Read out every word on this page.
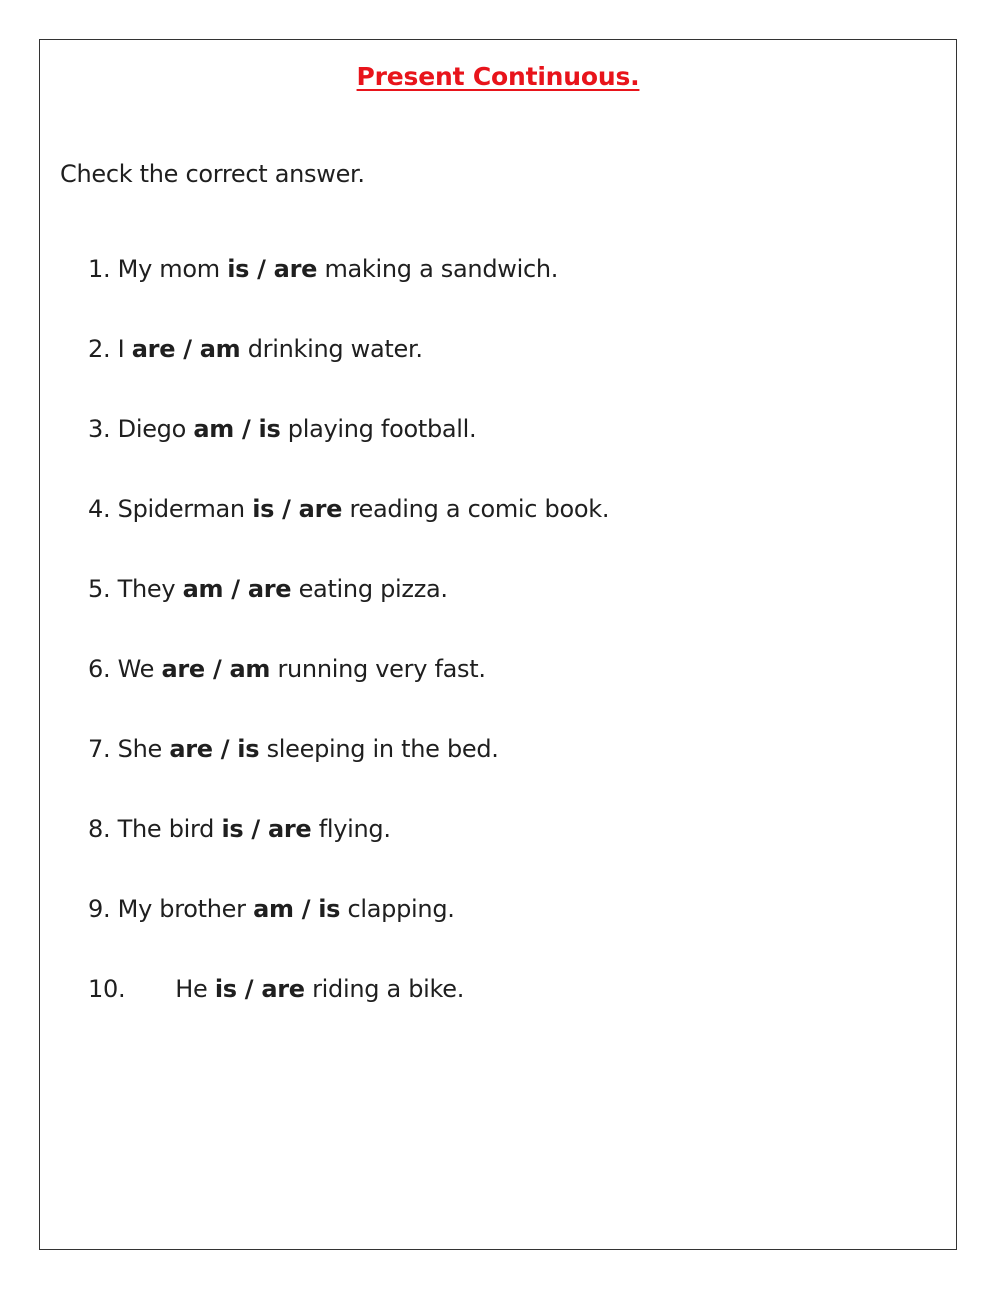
Present Continuous.
Check the correct answer.
1. My mom is / are making a sandwich.
2. I are / am drinking water.
3. Diego am / is playing football.
4. Spiderman is / are reading a comic book.
5. They am / are eating pizza.
6. We are / am running very fast.
7. She are / is sleeping in the bed.
8. The bird is / are flying.
9. My brother am / is clapping.
10. He is / are riding a bike.
